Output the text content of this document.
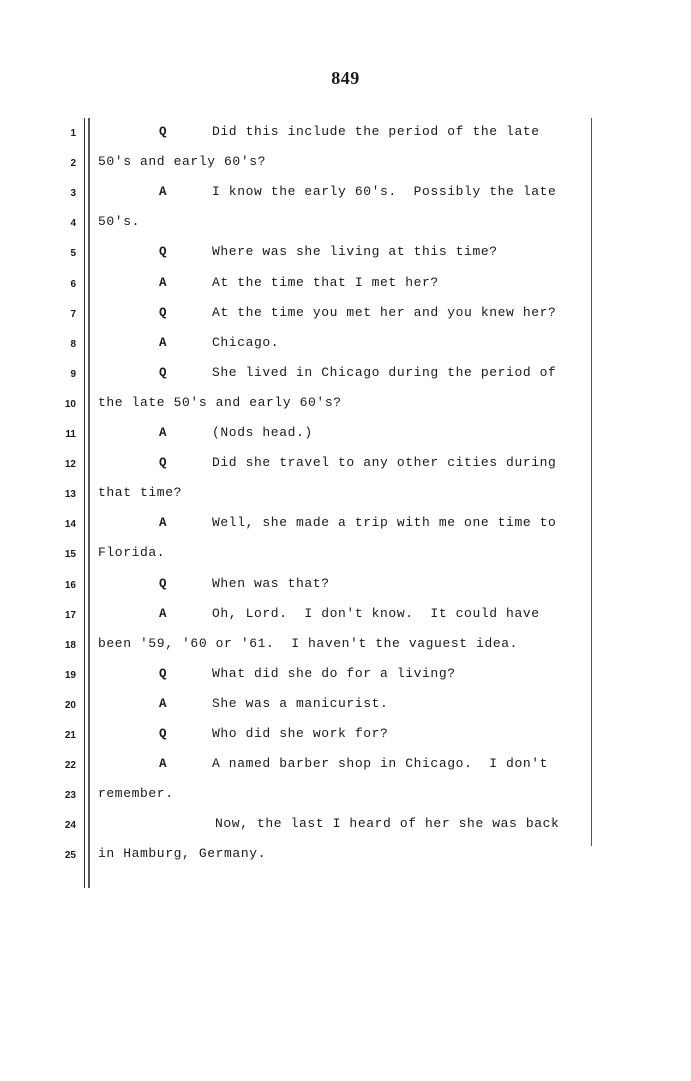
849
1	Q	Did this include the period of the late
2 50's and early 60's?
3	A	I know the early 60's.  Possibly the late
4 50's.
5	Q	Where was she living at this time?
6	A	At the time that I met her?
7	Q	At the time you met her and you knew her?
8	A	Chicago.
9	Q	She lived in Chicago during the period of
10 the late 50's and early 60's?
11	A	(Nods head.)
12	Q	Did she travel to any other cities during
13 that time?
14	A	Well, she made a trip with me one time to
15 Florida.
16	Q	When was that?
17	A	Oh, Lord.  I don't know.  It could have
18 been '59, '60 or '61.  I haven't the vaguest idea.
19	Q	What did she do for a living?
20	A	She was a manicurist.
21	Q	Who did she work for?
22	A	A named barber shop in Chicago.  I don't
23 remember.
24	Now, the last I heard of her she was back
25 in Hamburg, Germany.
